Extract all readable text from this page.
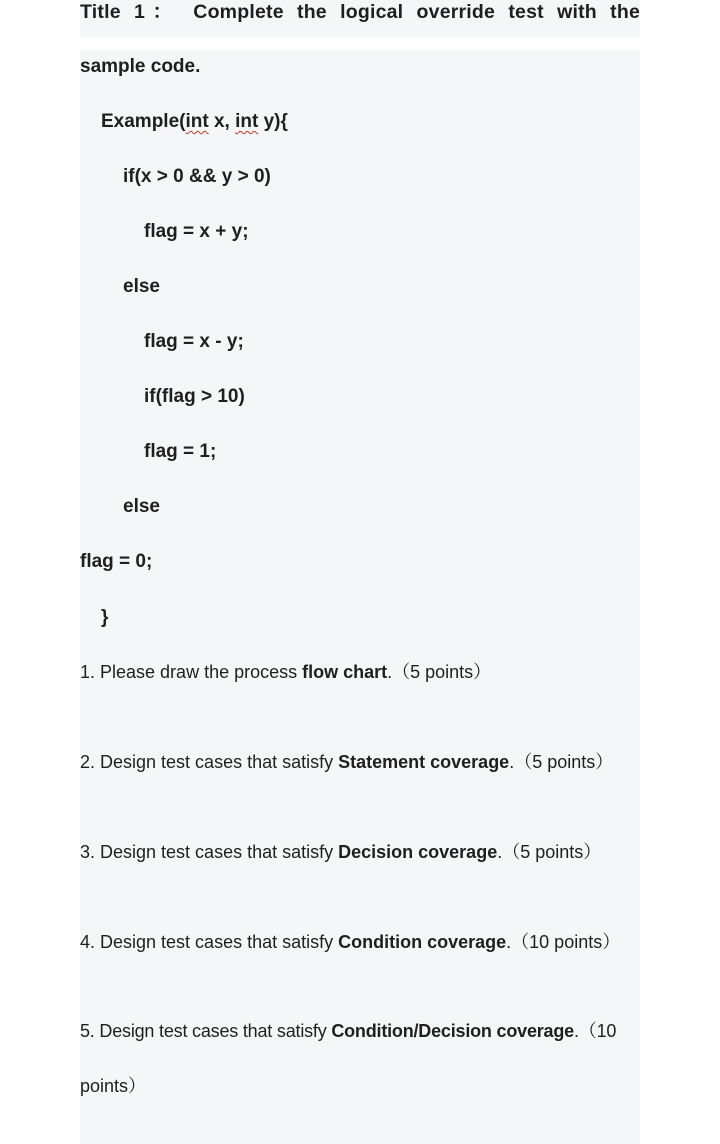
Title 1： Complete the logical override test with the
sample code.
Example(int x, int y){
if(x > 0 && y > 0)
flag = x + y;
else
flag = x - y;
if(flag > 10)
flag = 1;
else
flag = 0;
}
1. Please draw the process flow chart.（5 points）
2. Design test cases that satisfy Statement coverage.（5 points）
3. Design test cases that satisfy Decision coverage.（5 points）
4. Design test cases that satisfy Condition coverage.（10 points）
5. Design test cases that satisfy Condition/Decision coverage.（10
points）
